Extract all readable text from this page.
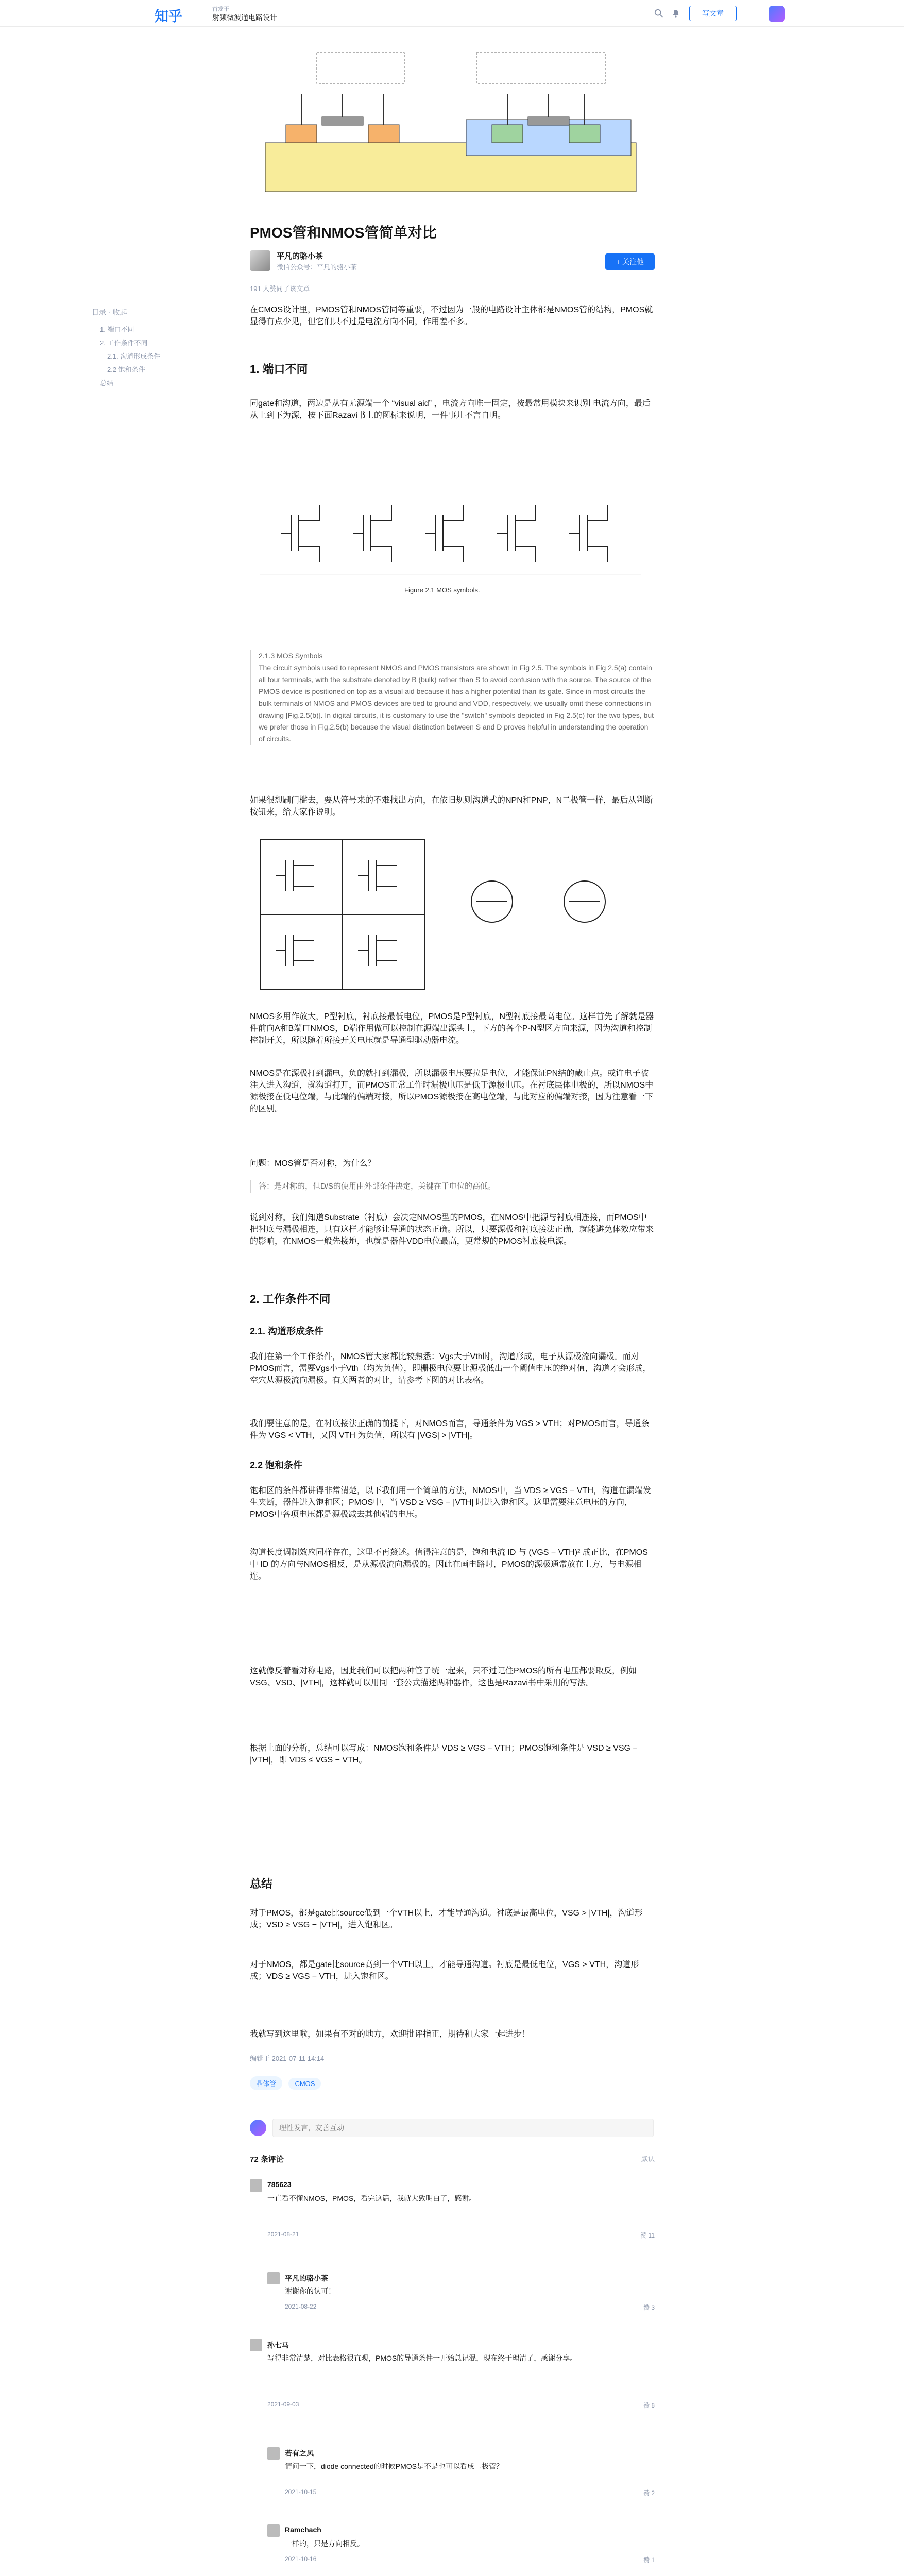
知乎	首发于
射频微波通电路设计	写文章
目录 · 收起
1. 端口不同
2. 工作条件不同
2.1. 沟道形成条件
2.2 饱和条件
总结
PMOS管和NMOS管简单对比
平凡的骆小茶
微信公众号：平凡的骆小茶
+ 关注他
191 人赞同了该文章

在CMOS设计里，PMOS管和NMOS管同等重要，不过因为一般的电路设计主体都是NMOS管的结构，PMOS就显得有点少见，但它们只不过是电流方向不同，作用差不多。

1. 端口不同

同gate和沟道，两边是从有无源端一个 “visual aid” ，电流方向唯一固定，按最常用模块来识别 电流方向，最后从上到下为源，按下面Razavi书上的图标来说明，一件事儿不言自明。

Figure 2.1 MOS symbols.
2.1.3 MOS Symbols
The circuit symbols used to represent NMOS and PMOS transistors are shown in Fig 2.5. The symbols in Fig 2.5(a) contain all four terminals, with the substrate denoted by B (bulk) rather than S to avoid confusion with the source. The source of the PMOS device is positioned on top as a visual aid because it has a higher potential than its gate. Since in most circuits the bulk terminals of NMOS and PMOS devices are tied to ground and VDD, respectively, we usually omit these connections in drawing [Fig.2.5(b)]. In digital circuits, it is customary to use the "switch" symbols depicted in Fig 2.5(c) for the two types, but we prefer those in Fig.2.5(b) because the visual distinction between S and D proves helpful in understanding the operation of circuits.

如果很想刷门槛去，要从符号来的不难找出方向，在依旧规则沟道式的NPN和PNP，N二极管一样，最后从判断按钮来，给大家作说明。

NMOS多用作放大，P型衬底，衬底接最低电位，PMOS是P型衬底，N型衬底接最高电位。这样首先了解就是器件前向A和B端口NMOS，D端作用做可以控制在源端出源头上，下方的各个P-N型区方向来源，因为沟道和控制控制开关，所以随着所接开关电压就是导通型驱动器电流。

NMOS是在源极打到漏电，负的就打到漏极，所以漏极电压要拉足电位，才能保证PN结的截止点。或许电子被注入进入沟道，就沟道打开，而PMOS正常工作时漏极电压是低于源极电压。在衬底层体电极的，所以NMOS中源极接在低电位端，与此端的偏端对接，所以PMOS源极接在高电位端，与此对应的偏端对接，因为注意看一下的区别。

问题：MOS管是否对称，为什么？

答：是对称的，但D/S的使用由外部条件决定，关键在于电位的高低。

说到对称，我们知道Substrate（衬底）会决定NMOS型的PMOS，在NMOS中把源与衬底相连接，而PMOS中把衬底与漏极相连，只有这样才能够让导通的状态正确。所以，只要源极和衬底接法正确，就能避免体效应带来的影响，在NMOS一般先接地，也就是器件VDD电位最高，更常规的PMOS衬底接电源。

2. 工作条件不同
2.1. 沟道形成条件

我们在第一个工作条件，NMOS管大家都比较熟悉：Vgs大于Vth时，沟道形成，电子从源极流向漏极。而对PMOS而言，需要Vgs小于Vth（均为负值），即栅极电位要比源极低出一个阈值电压的绝对值，沟道才会形成，空穴从源极流向漏极。有关两者的对比，请参考下图的对比表格。

我们要注意的是，在衬底接法正确的前提下，对NMOS而言，导通条件为 VGS > VTH；对PMOS而言，导通条件为 VGS < VTH，又因 VTH 为负值，所以有 |VGS| > |VTH|。

2.2 饱和条件

饱和区的条件都讲得非常清楚，以下我们用一个简单的方法，NMOS中，当 VDS ≥ VGS − VTH，沟道在漏端发生夹断，器件进入饱和区；PMOS中，当 VSD ≥ VSG − |VTH| 时进入饱和区。这里需要注意电压的方向，PMOS中各项电压都是源极减去其他端的电压。

沟道长度调制效应同样存在，这里不再赘述。值得注意的是，饱和电流 ID 与 (VGS − VTH)² 成正比，在PMOS中 ID 的方向与NMOS相反，是从源极流向漏极的。因此在画电路时，PMOS的源极通常放在上方，与电源相连。

这就像反着看对称电路，因此我们可以把两种管子统一起来，只不过记住PMOS的所有电压都要取反，例如 VSG、VSD、|VTH|，这样就可以用同一套公式描述两种器件，这也是Razavi书中采用的写法。

根据上面的分析，总结可以写成：NMOS饱和条件是 VDS ≥ VGS − VTH；PMOS饱和条件是 VSD ≥ VSG − |VTH|，即 VDS ≤ VGS − VTH。

总结

对于PMOS，都是gate比source低到一个VTH以上，才能导通沟道。衬底是最高电位，VSG > |VTH|，沟道形成；VSD ≥ VSG − |VTH|，进入饱和区。

对于NMOS，都是gate比source高到一个VTH以上，才能导通沟道。衬底是最低电位，VGS > VTH，沟道形成；VDS ≥ VGS − VTH，进入饱和区。

我就写到这里啦，如果有不对的地方，欢迎批评指正，期待和大家一起进步！

编辑于 2021-07-11 14:14
晶体管	CMOS
理性发言，友善互动
72 条评论	默认
785623
一直看不懂NMOS，PMOS，看完这篇，我就大致明白了，感谢。
2021-08-21	赞 11
平凡的骆小茶
谢谢你的认可！
2021-08-22	赞 3
孙七马
写得非常清楚，对比表格很直观，PMOS的导通条件一开始总记混，现在终于理清了，感谢分享。
2021-09-03	赞 8
若有之风
请问一下，diode connected的时候PMOS是不是也可以看成二极管？
2021-10-15	赞 2
Ramchach
一样的，只是方向相反。
2021-10-16	赞 1
